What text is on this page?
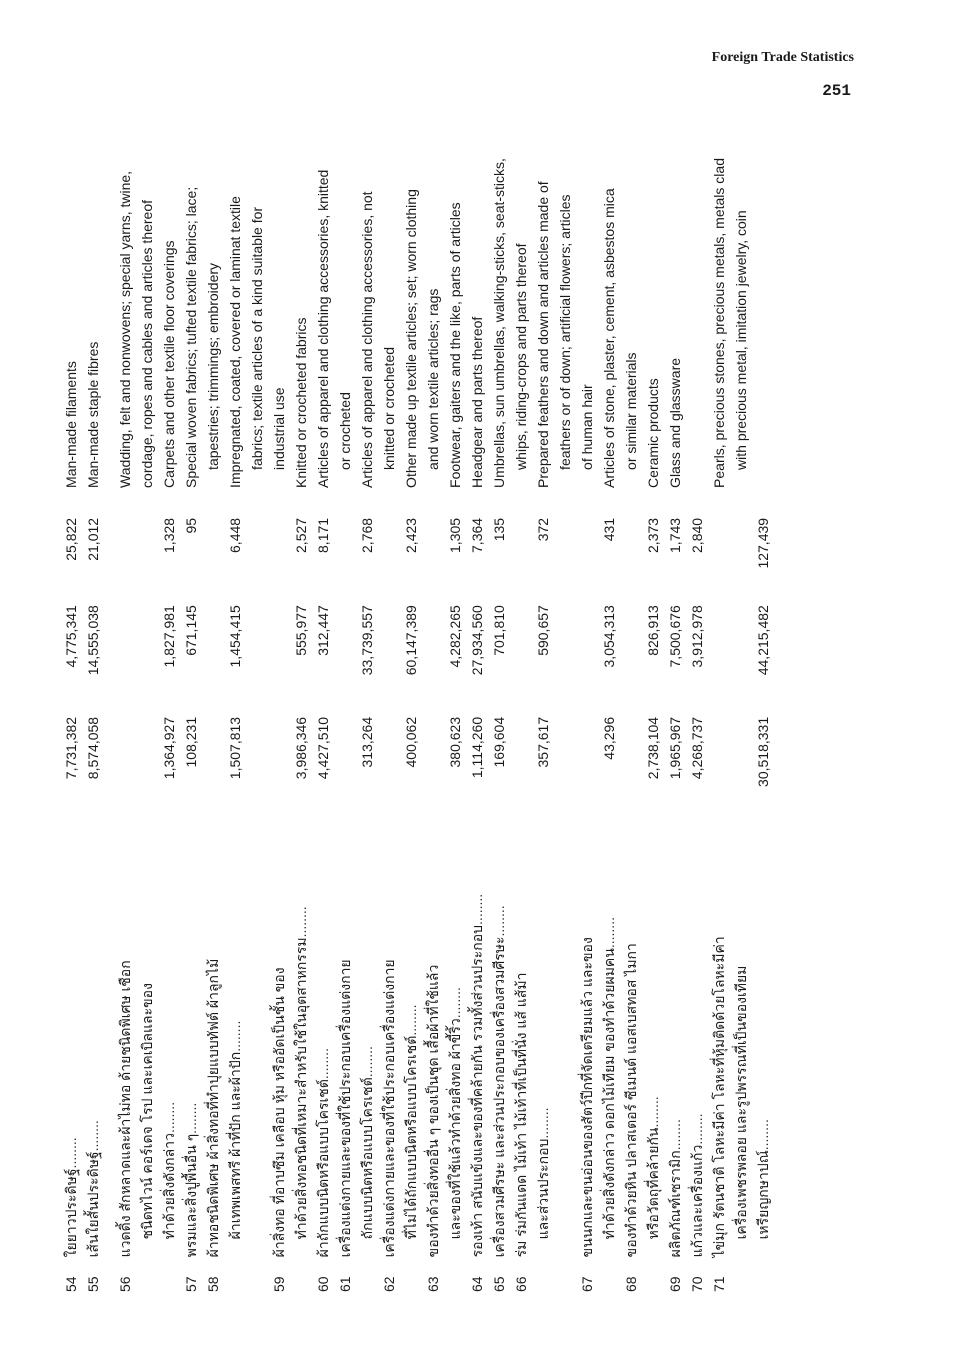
Foreign Trade Statistics
251
54	ใยยาวประดิษฐ์........	7,731,382	4,775,341	25,822	Man-made filaments
55	เส้นใยสั้นประดิษฐ์........	8,574,058	14,555,038	21,012	Man-made staple fibres

56	แวดดิ้ง สักหลาดและผ้าไม่ทอ ด้ายชนิดพิเศษ เชือก				Wadding, felt and nonwovens; special yarns, twine,
	ชนิดทไวน์ คอร์เดจ โรป และเคเบิลและของ				cordage, ropes and cables and articles thereof
	ทำด้วยสิ่งดังกล่าว........	1,364,927	1,827,981	1,328	Carpets and other textile floor coverings
57	พรมและสิ่งปูพื้นอื่น ๆ........	108,231	671,145	95	Special woven fabrics; tufted textile fabrics; lace;
58	ผ้าทอชนิดพิเศษ ผ้าสิ่งทอที่ทำปุยแบบทัฟต์ ผ้าลูกไม้				tapestries; trimmings; embroidery
	ผ้าเทพเพสทรี ผ้าที่ปัก และผ้าปัก........	1,507,813	1,454,415	6,448	Impregnated, coated, covered or laminat textile
					fabrics; textile articles of a kind suitable for
59	ผ้าสิ่งทอ ที่อาบซึม เคลือบ หุ้ม หรืออัดเป็นชั้น ของ				industrial use
	ทำด้วยสิ่งทอชนิดที่เหมาะสำหรับใช้ในอุตสาหกรรม........	3,986,346	555,977	2,527	Knitted or crocheted fabrics
60	ผ้าถักแบบนิตหรือแบบโครเชต์........	4,427,510	312,447	8,171	Articles of apparel and clothing accessories, knitted
61	เครื่องแต่งกายและของที่ใช้ประกอบเครื่องแต่งกาย				or crocheted
	ถักแบบนิตหรือแบบโครเชต์........	313,264	33,739,557	2,768	Articles of apparel and clothing accessories, not
62	เครื่องแต่งกายและของที่ใช้ประกอบเครื่องแต่งกาย				knitted or crocheted
	ที่ไม่ได้ถักแบบนิตหรือแบบโครเชต์........	400,062	60,147,389	2,423	Other made up textile articles; set; worn clothing
63	ของทำด้วยสิ่งทออื่น ๆ ของเป็นชุด เสื้อผ้าที่ใช้แล้ว				and worn textile articles; rags
	และของที่ใช้แล้วทำด้วยสิ่งทอ ผ้าขี้ริ้ว........	380,623	4,282,265	1,305	Footwear, gaiters and the like, parts of articles
64	รองเท้า สนับแข้งและของที่คล้ายกัน รวมทั้งส่วนประกอบ........	1,114,260	27,934,560	7,364	Headgear and parts thereof
65	เครื่องสวมศีรษะ และส่วนประกอบของเครื่องสวมศีรษะ........	169,604	701,810	135	Umbrellas, sun umbrellas, walking-sticks, seat-sticks,
66	ร่ม ร่มกันแดด ไม้เท้า ไม้เท้าที่เป็นที่นั่ง แส้ แส้ม้า				whips, riding-crops and parts thereof
	และส่วนประกอบ........	357,617	590,657	372	Prepared feathers and down and articles made of
					feathers or of down; artificial flowers; articles
67	ขนนกและขนอ่อนของสัตว์ปีกที่จัดเตรียมแล้ว และของ				of human hair
	ทำด้วยสิ่งดังกล่าว ดอกไม้เทียม ของทำด้วยผมคน........	43,296	3,054,313	431	Articles of stone, plaster, cement, asbestos mica
68	ของทำด้วยหิน ปลาสเตอร์ ซีเมนต์ แอสเบสทอส ไมกา				or similar materials
	หรือวัตถุที่คล้ายกัน........	2,738,104	826,913	2,373	Ceramic products
69	ผลิตภัณฑ์เซรามิก........	1,965,967	7,500,676	1,743	Glass and glassware
70	แก้วและเครื่องแก้ว........	4,268,737	3,912,978	2,840	
71	ไข่มุก รัตนชาติ โลหะมีค่า โลหะที่หุ้มติดด้วยโลหะมีค่า				Pearls, precious stones, precious metals, metals clad
	เครื่องเพชรพลอย และรูปพรรณที่เป็นของเทียม				with precious metal, imitation jewelry, coin
	เหรียญกษาปณ์........	30,518,331	44,215,482	127,439	
